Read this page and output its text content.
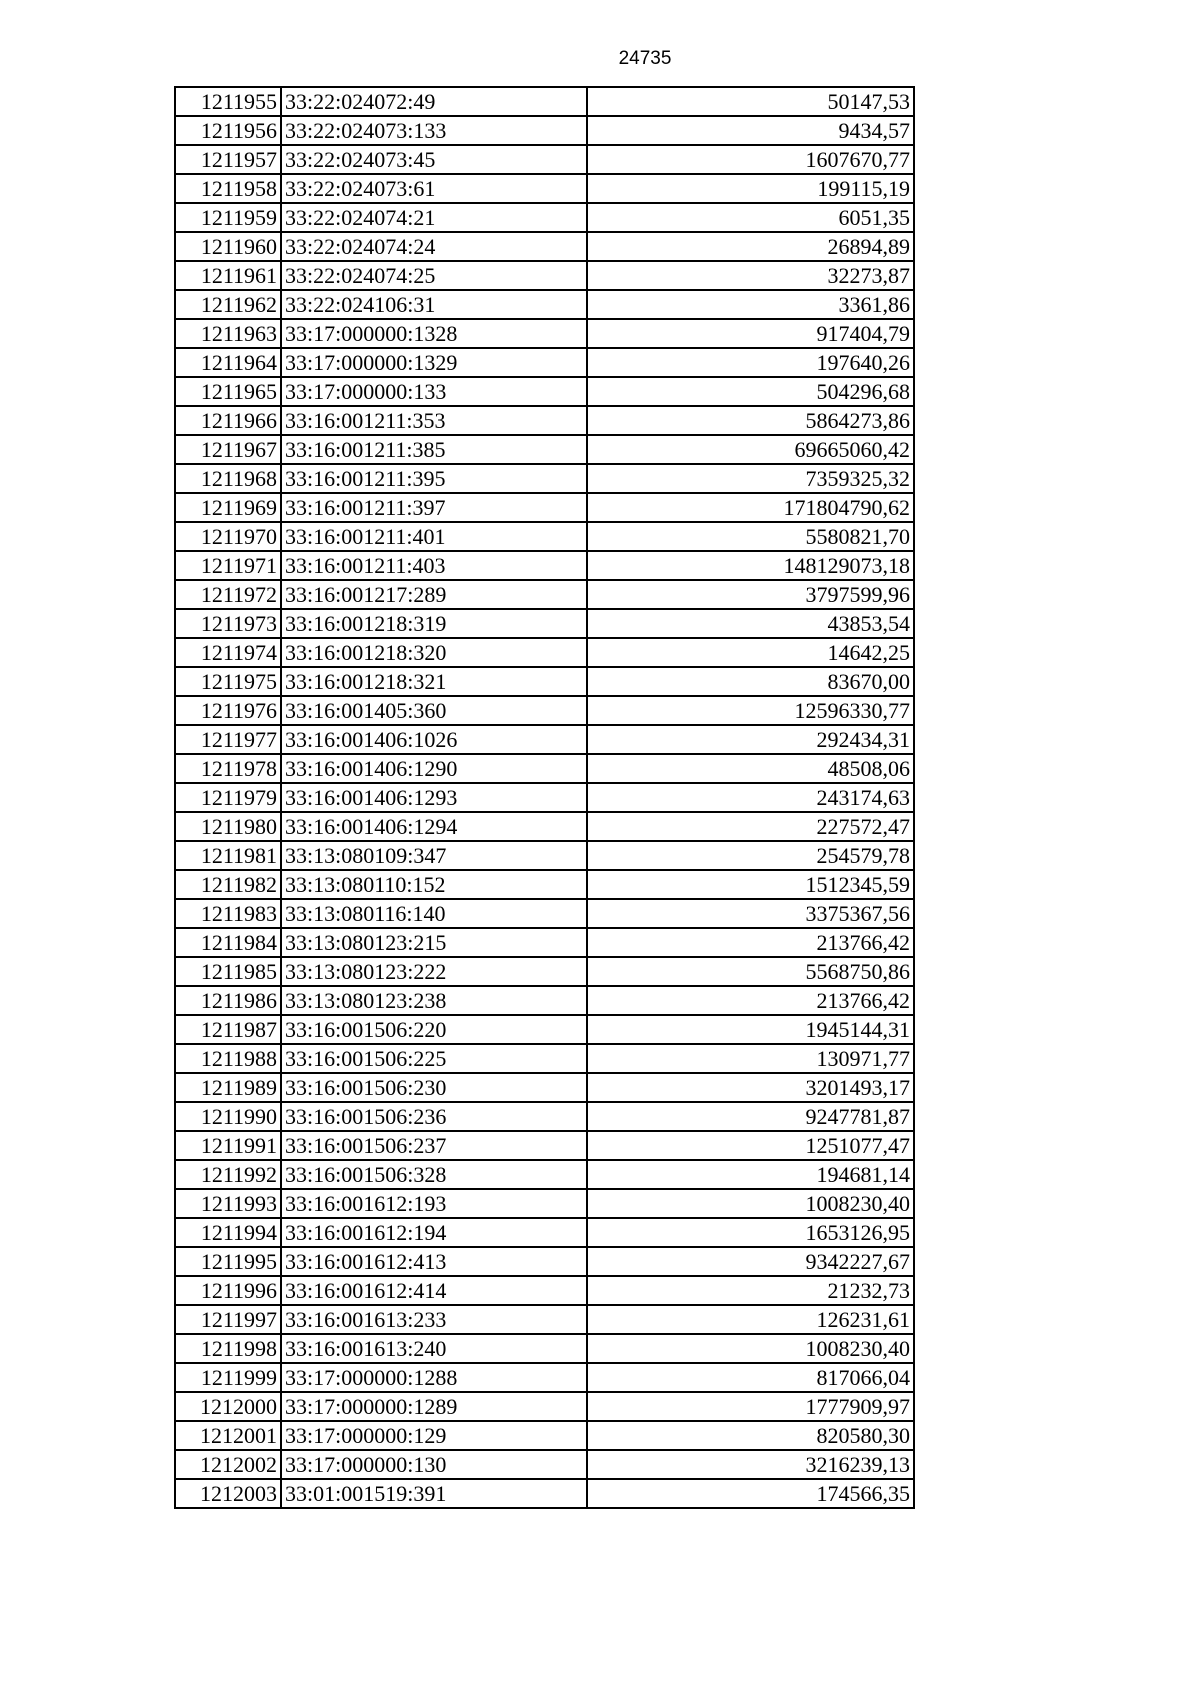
24735
1211955	33:22:024072:49	50147,53
1211956	33:22:024073:133	9434,57
1211957	33:22:024073:45	1607670,77
1211958	33:22:024073:61	199115,19
1211959	33:22:024074:21	6051,35
1211960	33:22:024074:24	26894,89
1211961	33:22:024074:25	32273,87
1211962	33:22:024106:31	3361,86
1211963	33:17:000000:1328	917404,79
1211964	33:17:000000:1329	197640,26
1211965	33:17:000000:133	504296,68
1211966	33:16:001211:353	5864273,86
1211967	33:16:001211:385	69665060,42
1211968	33:16:001211:395	7359325,32
1211969	33:16:001211:397	171804790,62
1211970	33:16:001211:401	5580821,70
1211971	33:16:001211:403	148129073,18
1211972	33:16:001217:289	3797599,96
1211973	33:16:001218:319	43853,54
1211974	33:16:001218:320	14642,25
1211975	33:16:001218:321	83670,00
1211976	33:16:001405:360	12596330,77
1211977	33:16:001406:1026	292434,31
1211978	33:16:001406:1290	48508,06
1211979	33:16:001406:1293	243174,63
1211980	33:16:001406:1294	227572,47
1211981	33:13:080109:347	254579,78
1211982	33:13:080110:152	1512345,59
1211983	33:13:080116:140	3375367,56
1211984	33:13:080123:215	213766,42
1211985	33:13:080123:222	5568750,86
1211986	33:13:080123:238	213766,42
1211987	33:16:001506:220	1945144,31
1211988	33:16:001506:225	130971,77
1211989	33:16:001506:230	3201493,17
1211990	33:16:001506:236	9247781,87
1211991	33:16:001506:237	1251077,47
1211992	33:16:001506:328	194681,14
1211993	33:16:001612:193	1008230,40
1211994	33:16:001612:194	1653126,95
1211995	33:16:001612:413	9342227,67
1211996	33:16:001612:414	21232,73
1211997	33:16:001613:233	126231,61
1211998	33:16:001613:240	1008230,40
1211999	33:17:000000:1288	817066,04
1212000	33:17:000000:1289	1777909,97
1212001	33:17:000000:129	820580,30
1212002	33:17:000000:130	3216239,13
1212003	33:01:001519:391	174566,35
